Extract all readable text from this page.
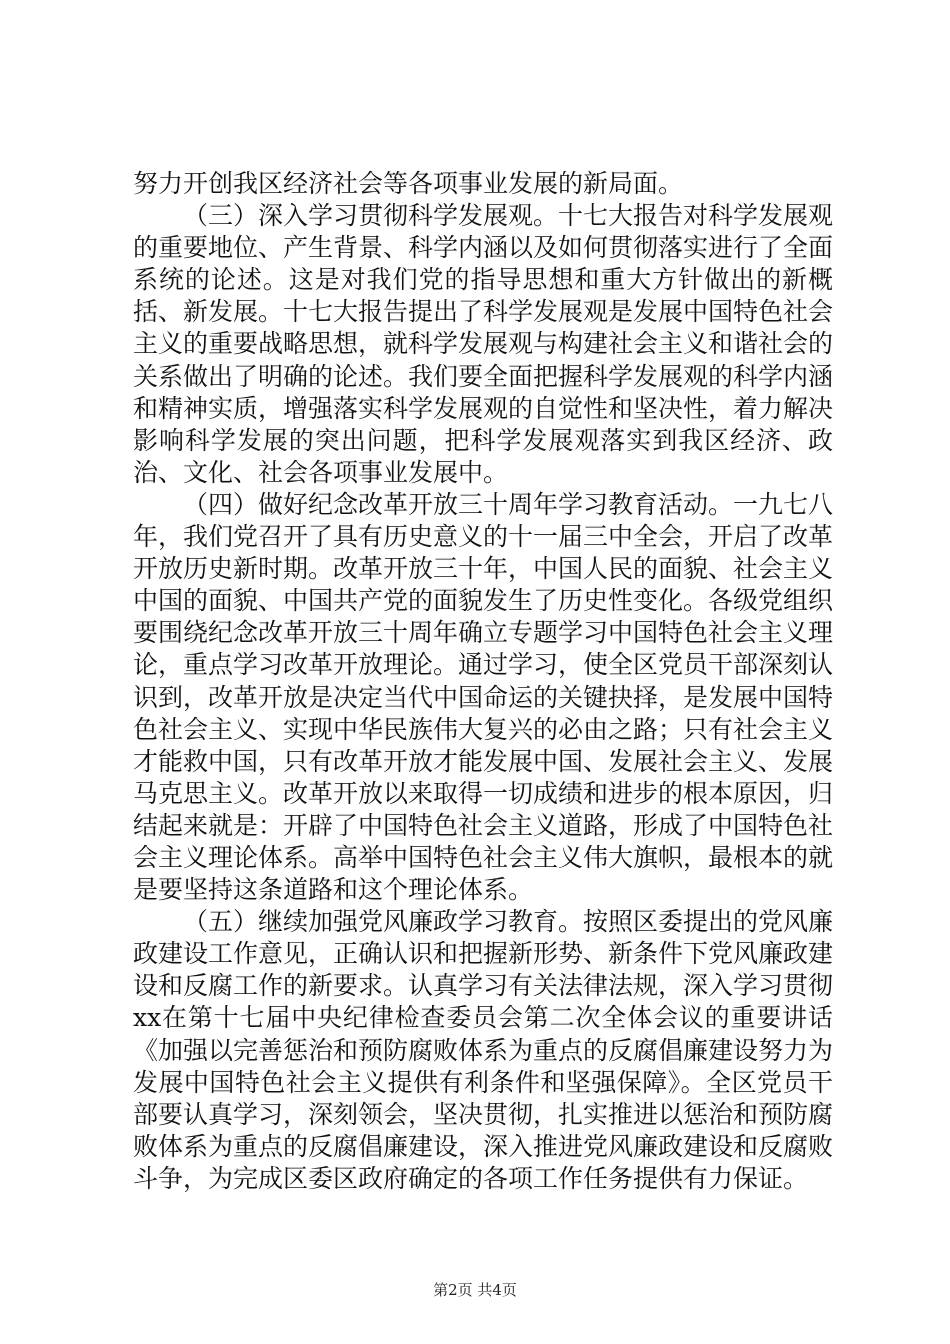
努力开创我区经济社会等各项事业发展的新局面。

（三）深入学习贯彻科学发展观。十七大报告对科学发展观的重要地位、产生背景、科学内涵以及如何贯彻落实进行了全面系统的论述。这是对我们党的指导思想和重大方针做出的新概括、新发展。十七大报告提出了科学发展观是发展中国特色社会主义的重要战略思想，就科学发展观与构建社会主义和谐社会的关系做出了明确的论述。我们要全面把握科学发展观的科学内涵和精神实质，增强落实科学发展观的自觉性和坚决性，着力解决影响科学发展的突出问题，把科学发展观落实到我区经济、政治、文化、社会各项事业发展中。

（四）做好纪念改革开放三十周年学习教育活动。一九七八年，我们党召开了具有历史意义的十一届三中全会，开启了改革开放历史新时期。改革开放三十年，中国人民的面貌、社会主义中国的面貌、中国共产党的面貌发生了历史性变化。各级党组织要围绕纪念改革开放三十周年确立专题学习中国特色社会主义理论，重点学习改革开放理论。通过学习，使全区党员干部深刻认识到，改革开放是决定当代中国命运的关键抉择，是发展中国特色社会主义、实现中华民族伟大复兴的必由之路；只有社会主义才能救中国，只有改革开放才能发展中国、发展社会主义、发展马克思主义。改革开放以来取得一切成绩和进步的根本原因，归结起来就是：开辟了中国特色社会主义道路，形成了中国特色社会主义理论体系。高举中国特色社会主义伟大旗帜，最根本的就是要坚持这条道路和这个理论体系。

（五）继续加强党风廉政学习教育。按照区委提出的党风廉政建设工作意见，正确认识和把握新形势、新条件下党风廉政建设和反腐工作的新要求。认真学习有关法律法规，深入学习贯彻xx在第十七届中央纪律检查委员会第二次全体会议的重要讲话《加强以完善惩治和预防腐败体系为重点的反腐倡廉建设努力为发展中国特色社会主义提供有利条件和坚强保障》。全区党员干部要认真学习，深刻领会，坚决贯彻，扎实推进以惩治和预防腐败体系为重点的反腐倡廉建设，深入推进党风廉政建设和反腐败斗争，为完成区委区政府确定的各项工作任务提供有力保证。

第2页 共4页
